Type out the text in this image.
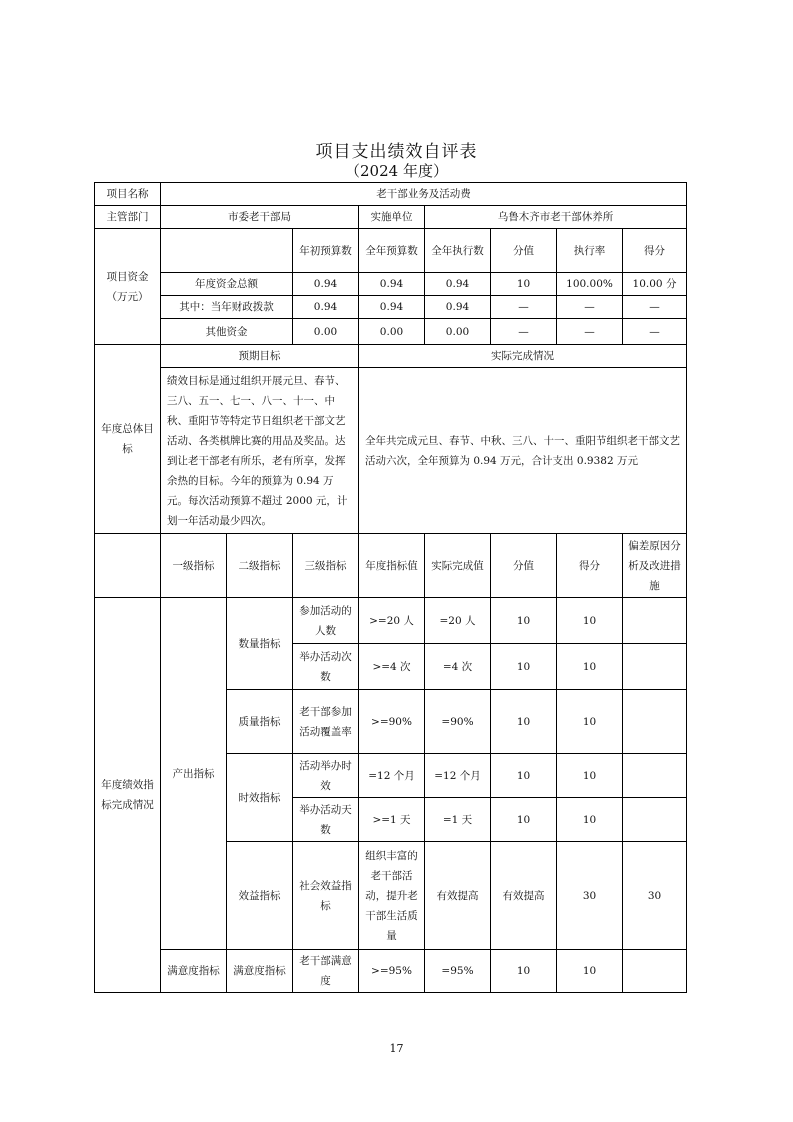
项目支出绩效自评表
（2024 年度）
项目名称	老干部业务及活动费								
主管部门	市委老干部局			实施单位	乌鲁木齐市老干部休养所				
项目资金（万元）			年初预算数	全年预算数	全年执行数	分值	执行率	得分	
	年度资金总额		0.94	0.94	0.94	10	100.00%	10.00 分	
	其中：当年财政拨款		0.94	0.94	0.94	—	—	—	
	其他资金		0.00	0.00	0.00	—	—	—	
年度总体目标	预期目标			实际完成情况					
	绩效目标是通过组织开展元旦、春节、三八、五一、七一、八一、十一、中秋、重阳节等特定节日组织老干部文艺活动、各类棋牌比赛的用品及奖品。达到让老干部老有所乐，老有所享，发挥余热的目标。今年的预算为 0.94 万元。每次活动预算不超过 2000 元，计划一年活动最少四次。			全年共完成元旦、春节、中秋、三八、十一、重阳节组织老干部文艺活动六次，全年预算为 0.94 万元，合计支出 0.9382 万元					
	一级指标	二级指标	三级指标	年度指标值	实际完成值	分值	得分	偏差原因分析及改进措施	
年度绩效指标完成情况	产出指标	数量指标	参加活动的人数	>=20 人	=20 人	10	10		
			举办活动次数	>=4 次	=4 次	10	10		
		质量指标	老干部参加活动覆盖率	>=90%	=90%	10	10		
		时效指标	活动举办时效	=12 个月	=12 个月	10	10		
			举办活动天数	>=1 天	=1 天	10	10		
		效益指标	社会效益指标	组织丰富的老干部活动，提升老干部生活质量	有效提高	有效提高	30	30	
	满意度指标	满意度指标	老干部满意度	>=95%	=95%	10	10		
17
